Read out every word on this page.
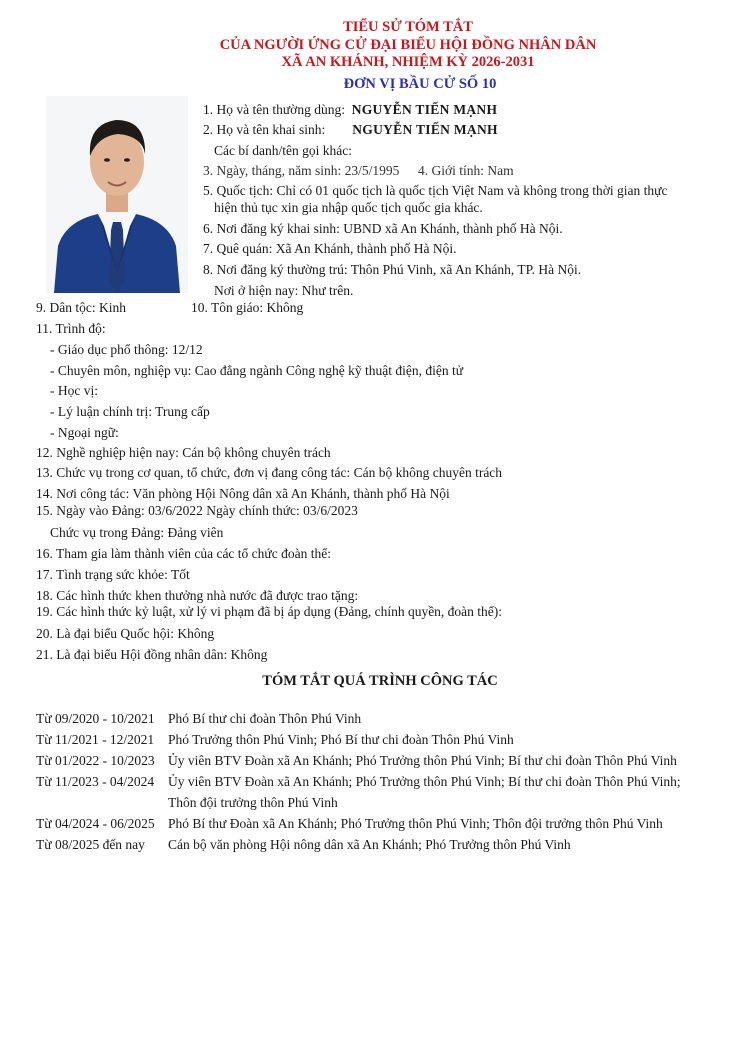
TIỂU SỬ TÓM TẮT
CỦA NGƯỜI ỨNG CỬ ĐẠI BIỂU HỘI ĐỒNG NHÂN DÂN
XÃ AN KHÁNH, NHIỆM KỲ 2026-2031
ĐƠN VỊ BẦU CỬ SỐ 10
1. Họ và tên thường dùng: NGUYỄN TIẾN MẠNH
2. Họ và tên khai sinh: NGUYỄN TIẾN MẠNH
Các bí danh/tên gọi khác:
3. Ngày, tháng, năm sinh: 23/5/1995 4. Giới tính: Nam
5. Quốc tịch: Chỉ có 01 quốc tịch là quốc tịch Việt Nam và không trong thời gian thực
hiện thủ tục xin gia nhập quốc tịch quốc gia khác.
6. Nơi đăng ký khai sinh: UBND xã An Khánh, thành phố Hà Nội.
7. Quê quán: Xã An Khánh, thành phố Hà Nội.
8. Nơi đăng ký thường trú: Thôn Phú Vinh, xã An Khánh, TP. Hà Nội.
Nơi ở hiện nay: Như trên.
9. Dân tộc: Kinh	10. Tôn giáo: Không
11. Trình độ:
- Giáo dục phổ thông: 12/12
- Chuyên môn, nghiệp vụ: Cao đẳng ngành Công nghệ kỹ thuật điện, điện tử
- Học vị:
- Lý luận chính trị: Trung cấp
- Ngoại ngữ:
12. Nghề nghiệp hiện nay: Cán bộ không chuyên trách
13. Chức vụ trong cơ quan, tổ chức, đơn vị đang công tác: Cán bộ không chuyên trách
14. Nơi công tác: Văn phòng Hội Nông dân xã An Khánh, thành phố Hà Nội
15. Ngày vào Đảng: 03/6/2022 Ngày chính thức: 03/6/2023
Chức vụ trong Đảng: Đảng viên
16. Tham gia làm thành viên của các tổ chức đoàn thể:
17. Tình trạng sức khỏe: Tốt
18. Các hình thức khen thưởng nhà nước đã được trao tặng:
19. Các hình thức kỷ luật, xử lý vi phạm đã bị áp dụng (Đảng, chính quyền, đoàn thể):
20. Là đại biểu Quốc hội: Không
21. Là đại biểu Hội đồng nhân dân: Không
TÓM TẮT QUÁ TRÌNH CÔNG TÁC
Từ 09/2020 - 10/2021 Phó Bí thư chi đoàn Thôn Phú Vinh
Từ 11/2021 - 12/2021 Phó Trưởng thôn Phú Vinh; Phó Bí thư chi đoàn Thôn Phú Vinh
Từ 01/2022 - 10/2023 Ủy viên BTV Đoàn xã An Khánh; Phó Trưởng thôn Phú Vinh; Bí thư chi đoàn Thôn Phú Vinh
Từ 11/2023 - 04/2024 Ủy viên BTV Đoàn xã An Khánh; Phó Trưởng thôn Phú Vinh; Bí thư chi đoàn Thôn Phú Vinh;
Thôn đội trưởng thôn Phú Vinh
Từ 04/2024 - 06/2025 Phó Bí thư Đoàn xã An Khánh; Phó Trưởng thôn Phú Vinh; Thôn đội trưởng thôn Phú Vinh
Từ 08/2025 đến nay Cán bộ văn phòng Hội nông dân xã An Khánh; Phó Trưởng thôn Phú Vinh
